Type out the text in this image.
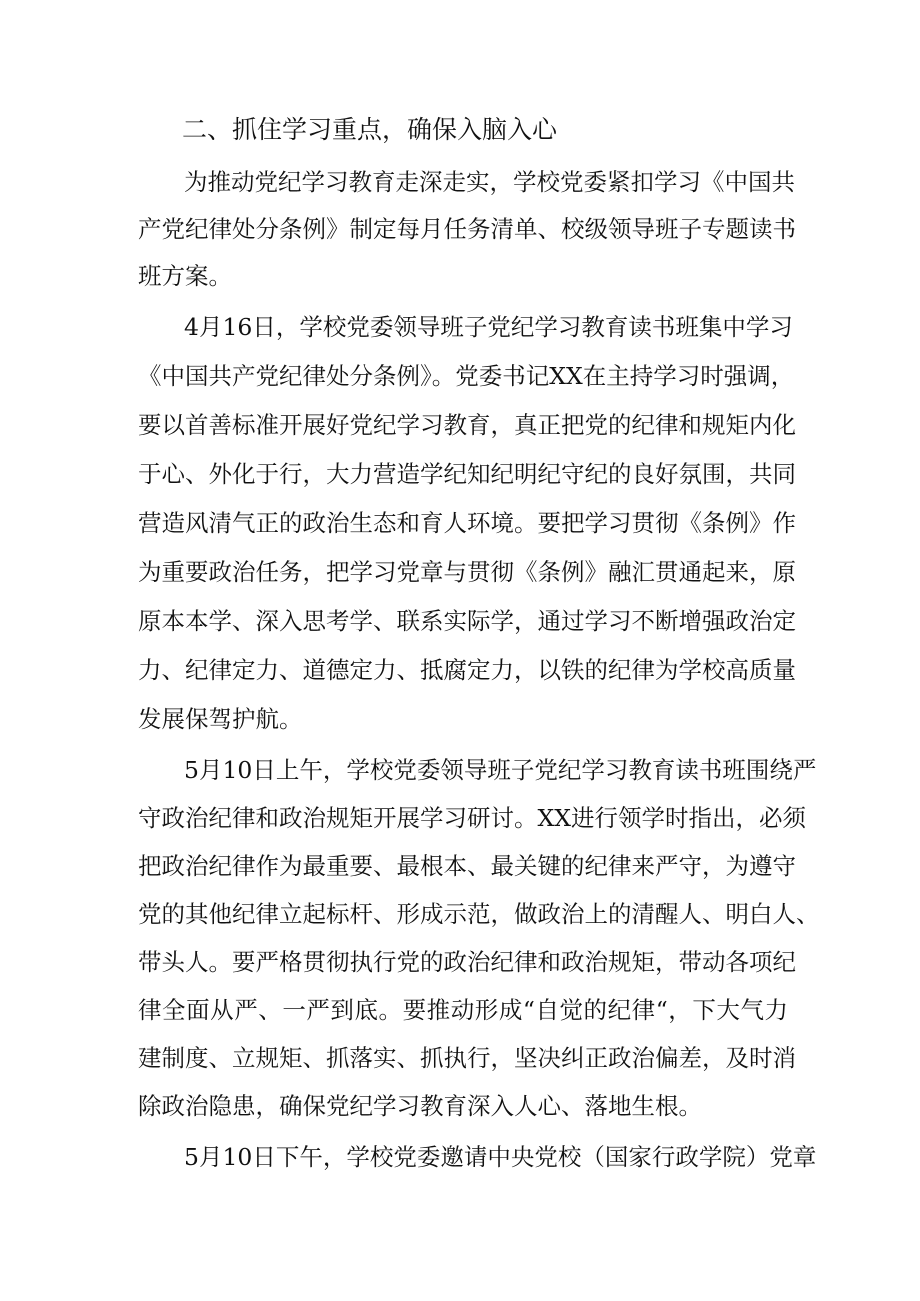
二、抓住学习重点，确保入脑入心

为推动党纪学习教育走深走实，学校党委紧扣学习《中国共

产党纪律处分条例》制定每月任务清单、校级领导班子专题读书

班方案。

4月16日，学校党委领导班子党纪学习教育读书班集中学习

《中国共产党纪律处分条例》。党委书记XX在主持学习时强调，

要以首善标准开展好党纪学习教育，真正把党的纪律和规矩内化

于心、外化于行，大力营造学纪知纪明纪守纪的良好氛围，共同

营造风清气正的政治生态和育人环境。要把学习贯彻《条例》作

为重要政治任务，把学习党章与贯彻《条例》融汇贯通起来，原

原本本学、深入思考学、联系实际学，通过学习不断增强政治定

力、纪律定力、道德定力、抵腐定力，以铁的纪律为学校高质量

发展保驾护航。

5月10日上午，学校党委领导班子党纪学习教育读书班围绕严

守政治纪律和政治规矩开展学习研讨。XX进行领学时指出，必须

把政治纪律作为最重要、最根本、最关键的纪律来严守，为遵守

党的其他纪律立起标杆、形成示范，做政治上的清醒人、明白人、

带头人。要严格贯彻执行党的政治纪律和政治规矩，带动各项纪

律全面从严、一严到底。要推动形成“自觉的纪律“，下大气力

建制度、立规矩、抓落实、抓执行，坚决纠正政治偏差，及时消

除政治隐患，确保党纪学习教育深入人心、落地生根。

5月10日下午，学校党委邀请中央党校（国家行政学院）党章
